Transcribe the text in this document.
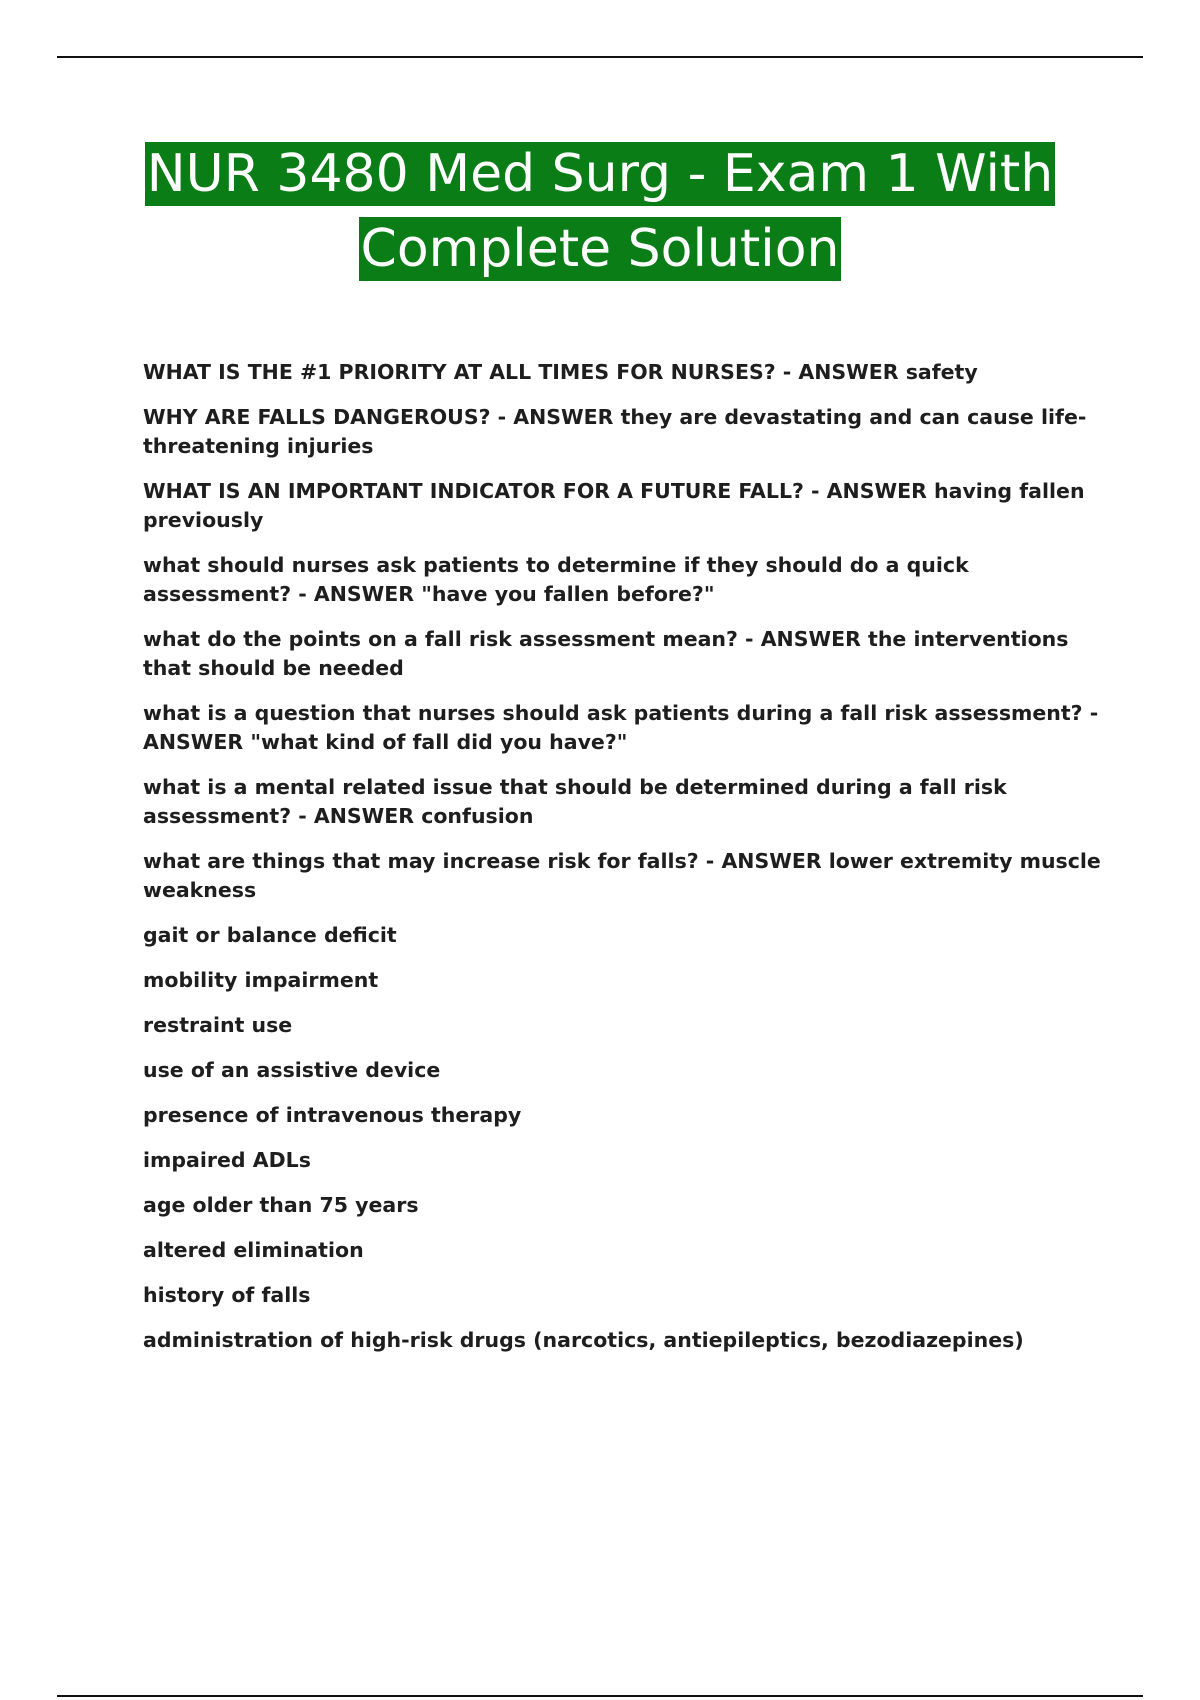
NUR 3480 Med Surg - Exam 1 With
Complete Solution

WHAT IS THE #1 PRIORITY AT ALL TIMES FOR NURSES? - ANSWER safety

WHY ARE FALLS DANGEROUS? - ANSWER they are devastating and can cause life-threatening injuries

WHAT IS AN IMPORTANT INDICATOR FOR A FUTURE FALL? - ANSWER having fallen previously

what should nurses ask patients to determine if they should do a quick assessment? - ANSWER "have you fallen before?"

what do the points on a fall risk assessment mean? - ANSWER the interventions that should be needed

what is a question that nurses should ask patients during a fall risk assessment? - ANSWER "what kind of fall did you have?"

what is a mental related issue that should be determined during a fall risk assessment? - ANSWER confusion

what are things that may increase risk for falls? - ANSWER lower extremity muscle weakness

gait or balance deficit

mobility impairment

restraint use

use of an assistive device

presence of intravenous therapy

impaired ADLs

age older than 75 years

altered elimination

history of falls

administration of high-risk drugs (narcotics, antiepileptics, bezodiazepines)
